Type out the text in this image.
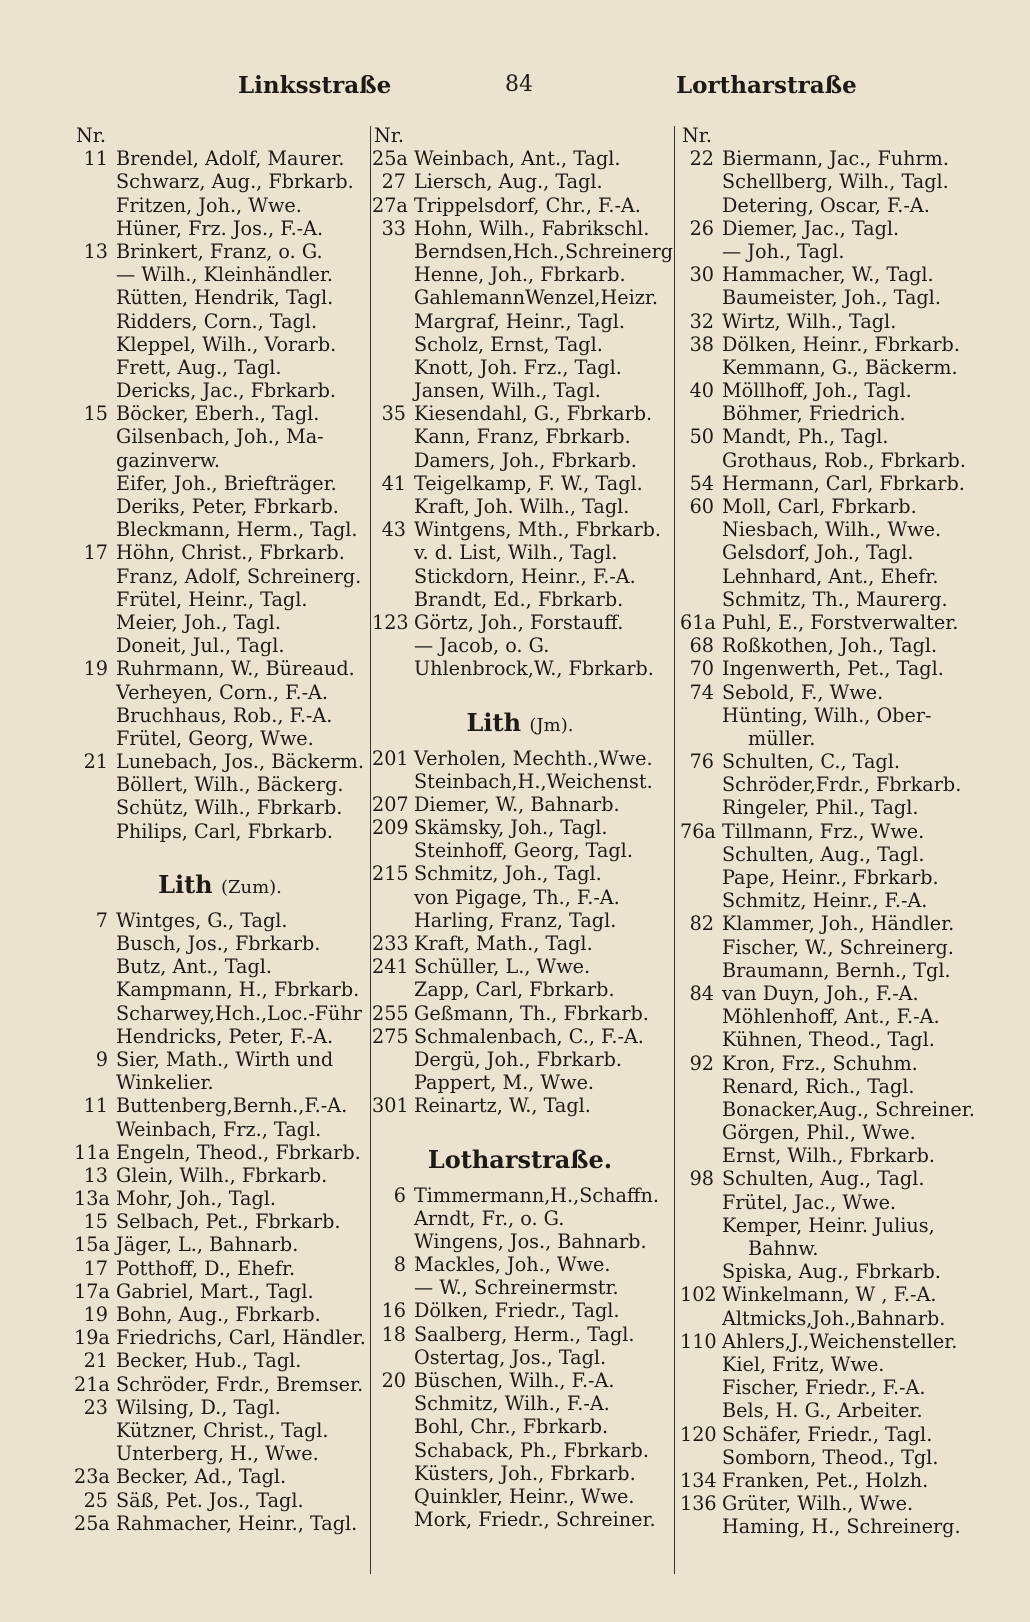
Linksstraße	84	Lortharstraße
Nr.
11 Brendel, Adolf, Maurer.
Schwarz, Aug., Fbrkarb.
Fritzen, Joh., Wwe.
Hüner, Frz. Jos., F.-A.
13 Brinkert, Franz, o. G.
— Wilh., Kleinhändler.
Rütten, Hendrik, Tagl.
Ridders, Corn., Tagl.
Kleppel, Wilh., Vorarb.
Frett, Aug., Tagl.
Dericks, Jac., Fbrkarb.
15 Böcker, Eberh., Tagl.
Gilsenbach, Joh., Ma-
gazinverw.
Eifer, Joh., Briefträger.
Deriks, Peter, Fbrkarb.
Bleckmann, Herm., Tagl.
17 Höhn, Christ., Fbrkarb.
Franz, Adolf, Schreinerg.
Frütel, Heinr., Tagl.
Meier, Joh., Tagl.
Doneit, Jul., Tagl.
19 Ruhrmann, W., Büreaud.
Verheyen, Corn., F.-A.
Bruchhaus, Rob., F.-A.
Frütel, Georg, Wwe.
21 Lunebach, Jos., Bäckerm.
Böllert, Wilh., Bäckerg.
Schütz, Wilh., Fbrkarb.
Philips, Carl, Fbrkarb.
Lith (Zum).
7 Wintges, G., Tagl.
Busch, Jos., Fbrkarb.
Butz, Ant., Tagl.
Kampmann, H., Fbrkarb.
Scharwey,Hch.,Loc.-Führ
Hendricks, Peter, F.-A.
9 Sier, Math., Wirth und
Winkelier.
11 Buttenberg,Bernh.,F.-A.
Weinbach, Frz., Tagl.
11a Engeln, Theod., Fbrkarb.
13 Glein, Wilh., Fbrkarb.
13a Mohr, Joh., Tagl.
15 Selbach, Pet., Fbrkarb.
15a Jäger, L., Bahnarb.
17 Potthoff, D., Ehefr.
17a Gabriel, Mart., Tagl.
19 Bohn, Aug., Fbrkarb.
19a Friedrichs, Carl, Händler.
21 Becker, Hub., Tagl.
21a Schröder, Frdr., Bremser.
23 Wilsing, D., Tagl.
Kützner, Christ., Tagl.
Unterberg, H., Wwe.
23a Becker, Ad., Tagl.
25 Säß, Pet. Jos., Tagl.
25a Rahmacher, Heinr., Tagl.
Nr.
25a Weinbach, Ant., Tagl.
27 Liersch, Aug., Tagl.
27a Trippelsdorf, Chr., F.-A.
33 Hohn, Wilh., Fabrikschl.
Berndsen,Hch.,Schreinerg
Henne, Joh., Fbrkarb.
GahlemannWenzel,Heizr.
Margraf, Heinr., Tagl.
Scholz, Ernst, Tagl.
Knott, Joh. Frz., Tagl.
Jansen, Wilh., Tagl.
35 Kiesendahl, G., Fbrkarb.
Kann, Franz, Fbrkarb.
Damers, Joh., Fbrkarb.
41 Teigelkamp, F. W., Tagl.
Kraft, Joh. Wilh., Tagl.
43 Wintgens, Mth., Fbrkarb.
v. d. List, Wilh., Tagl.
Stickdorn, Heinr., F.-A.
Brandt, Ed., Fbrkarb.
123 Görtz, Joh., Forstauff.
— Jacob, o. G.
Uhlenbrock,W., Fbrkarb.
Lith (Jm).
201 Verholen, Mechth.,Wwe.
Steinbach,H.,Weichenst.
207 Diemer, W., Bahnarb.
209 Skämsky, Joh., Tagl.
Steinhoff, Georg, Tagl.
215 Schmitz, Joh., Tagl.
von Pigage, Th., F.-A.
Harling, Franz, Tagl.
233 Kraft, Math., Tagl.
241 Schüller, L., Wwe.
Zapp, Carl, Fbrkarb.
255 Geßmann, Th., Fbrkarb.
275 Schmalenbach, C., F.-A.
Dergü, Joh., Fbrkarb.
Pappert, M., Wwe.
301 Reinartz, W., Tagl.
Lotharstraße.
6 Timmermann,H.,Schaffn.
Arndt, Fr., o. G.
Wingens, Jos., Bahnarb.
8 Mackles, Joh., Wwe.
— W., Schreinermstr.
16 Dölken, Friedr., Tagl.
18 Saalberg, Herm., Tagl.
Ostertag, Jos., Tagl.
20 Büschen, Wilh., F.-A.
Schmitz, Wilh., F.-A.
Bohl, Chr., Fbrkarb.
Schaback, Ph., Fbrkarb.
Küsters, Joh., Fbrkarb.
Quinkler, Heinr., Wwe.
Mork, Friedr., Schreiner.
Nr.
22 Biermann, Jac., Fuhrm.
Schellberg, Wilh., Tagl.
Detering, Oscar, F.-A.
26 Diemer, Jac., Tagl.
— Joh., Tagl.
30 Hammacher, W., Tagl.
Baumeister, Joh., Tagl.
32 Wirtz, Wilh., Tagl.
38 Dölken, Heinr., Fbrkarb.
Kemmann, G., Bäckerm.
40 Möllhoff, Joh., Tagl.
Böhmer, Friedrich.
50 Mandt, Ph., Tagl.
Grothaus, Rob., Fbrkarb.
54 Hermann, Carl, Fbrkarb.
60 Moll, Carl, Fbrkarb.
Niesbach, Wilh., Wwe.
Gelsdorf, Joh., Tagl.
Lehnhard, Ant., Ehefr.
Schmitz, Th., Maurerg.
61a Puhl, E., Forstverwalter.
68 Roßkothen, Joh., Tagl.
70 Ingenwerth, Pet., Tagl.
74 Sebold, F., Wwe.
Hünting, Wilh., Ober-
müller.
76 Schulten, C., Tagl.
Schröder,Frdr., Fbrkarb.
Ringeler, Phil., Tagl.
76a Tillmann, Frz., Wwe.
Schulten, Aug., Tagl.
Pape, Heinr., Fbrkarb.
Schmitz, Heinr., F.-A.
82 Klammer, Joh., Händler.
Fischer, W., Schreinerg.
Braumann, Bernh., Tgl.
84 van Duyn, Joh., F.-A.
Möhlenhoff, Ant., F.-A.
Kühnen, Theod., Tagl.
92 Kron, Frz., Schuhm.
Renard, Rich., Tagl.
Bonacker,Aug., Schreiner.
Görgen, Phil., Wwe.
Ernst, Wilh., Fbrkarb.
98 Schulten, Aug., Tagl.
Frütel, Jac., Wwe.
Kemper, Heinr. Julius,
Bahnw.
Spiska, Aug., Fbrkarb.
102 Winkelmann, W , F.-A.
Altmicks,Joh.,Bahnarb.
110 Ahlers,J.,Weichensteller.
Kiel, Fritz, Wwe.
Fischer, Friedr., F.-A.
Bels, H. G., Arbeiter.
120 Schäfer, Friedr., Tagl.
Somborn, Theod., Tgl.
134 Franken, Pet., Holzh.
136 Grüter, Wilh., Wwe.
Haming, H., Schreinerg.
